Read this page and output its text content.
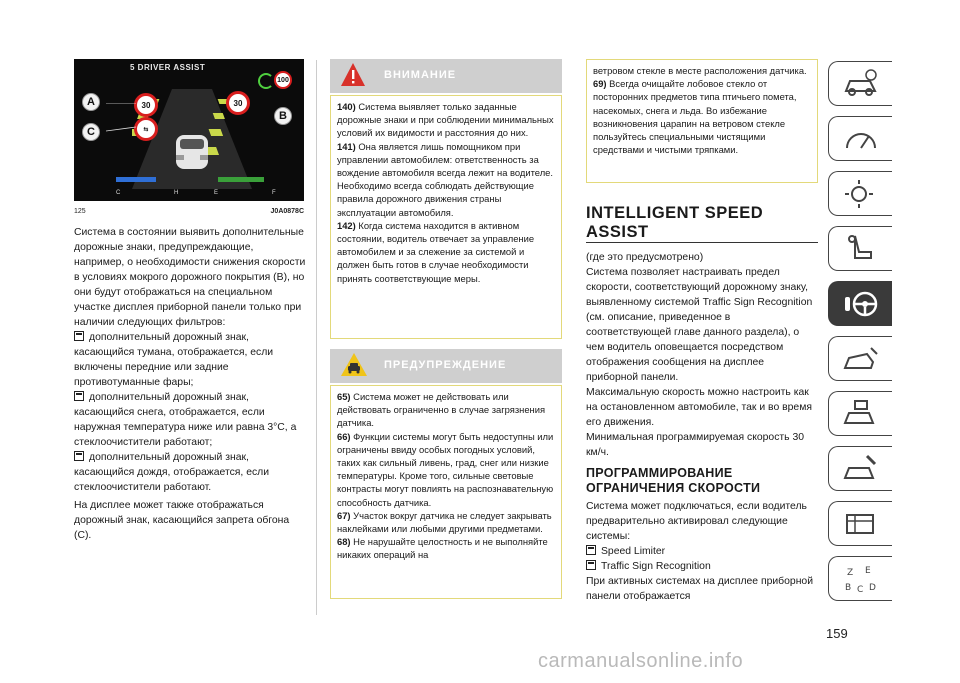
5 DRIVER ASSIST
30
⇆
30
100
A
B
C
C	H	E	F
125	J0A0878C

Система в состоянии выявить дополнительные дорожные знаки, предупреждающие, например, о необходимости снижения скорости в условиях мокрого дорожного покрытия (B), но они будут отображаться на специальном участке дисплея приборной панели только при наличии следующих фильтров:

дополнительный дорожный знак, касающийся тумана, отображается, если включены передние или задние противотуманные фары;
дополнительный дорожный знак, касающийся снега, отображается, если наружная температура ниже или равна 3°C, а стеклоочистители работают;
дополнительный дорожный знак, касающийся дождя, отображается, если стеклоочистители работают.

На дисплее может также отображаться дорожный знак, касающийся запрета обгона (C).

ВНИМАНИЕ

140) Система выявляет только заданные дорожные знаки и при соблюдении минимальных условий их видимости и расстояния до них.

141) Она является лишь помощником при управлении автомобилем: ответственность за вождение автомобиля всегда лежит на водителе. Необходимо всегда соблюдать действующие правила дорожного движения страны эксплуатации автомобиля.

142) Когда система находится в активном состоянии, водитель отвечает за управление автомобилем и за слежение за системой и должен быть готов в случае необходимости принять соответствующие меры.

ПРЕДУПРЕЖДЕНИЕ

65) Система может не действовать или действовать ограниченно в случае загрязнения датчика.

66) Функции системы могут быть недоступны или ограничены ввиду особых погодных условий, таких как сильный ливень, град, снег или низкие температуры. Кроме того, сильные световые контрасты могут повлиять на распознавательную способность датчика.

67) Участок вокруг датчика не следует закрывать наклейками или любыми другими предметами.

68) Не нарушайте целостность и не выполняйте никаких операций на

ветровом стекле в месте расположения датчика.

69) Всегда очищайте лобовое стекло от посторонних предметов типа птичьего помета, насекомых, снега и льда. Во избежание возникновения царапин на ветровом стекле пользуйтесь специальными чистящими средствами и чистыми тряпками.

INTELLIGENT SPEED ASSIST

(где это предусмотрено)

Система позволяет настраивать предел скорости, соответствующий дорожному знаку, выявленному системой Traffic Sign Recognition (см. описание, приведенное в соответствующей главе данного раздела), о чем водитель оповещается посредством отображения сообщения на дисплее приборной панели.

Максимальную скорость можно настроить как на остановленном автомобиле, так и во время его движения.

Минимальная программируемая скорость 30 км/ч.

ПРОГРАММИРОВАНИЕ ОГРАНИЧЕНИЯ СКОРОСТИ

Система может подключаться, если водитель предварительно активировал следующие системы:

Speed Limiter
Traffic Sign Recognition

При активных системах на дисплее приборной панели отображается

Z E
B C D
159
carmanualsonline.info
